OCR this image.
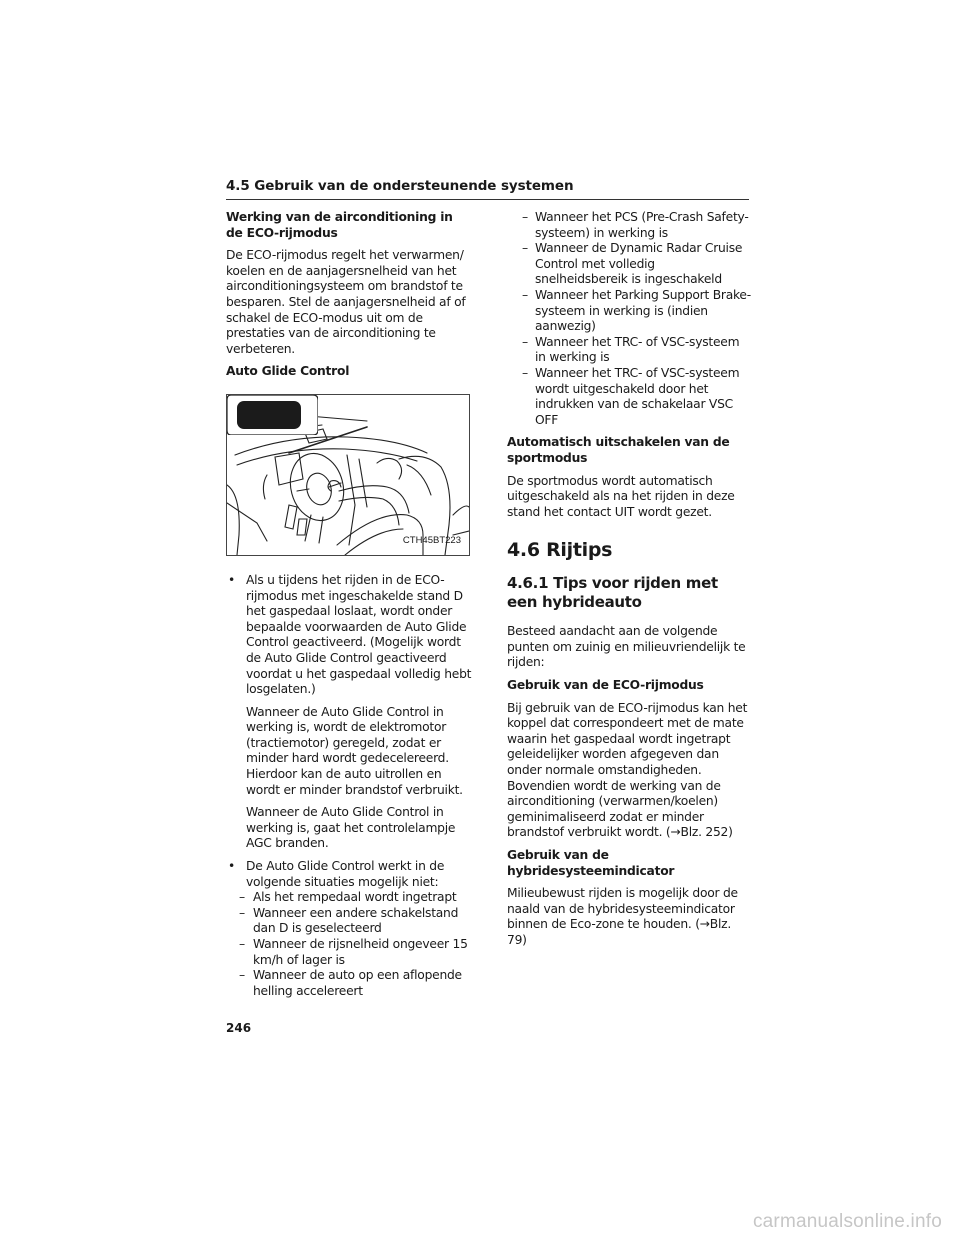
4.5 Gebruik van de ondersteunende systemen

Werking van de airconditioning in de ECO-rijmodus

De ECO-rijmodus regelt het verwarmen/ koelen en de aanjagersnelheid van het airconditioningsysteem om brandstof te besparen. Stel de aanjagersnelheid af of schakel de ECO-modus uit om de prestaties van de airconditioning te verbeteren.

Auto Glide Control

AGC
CTH45BT223
• Als u tijdens het rijden in de ECO-rijmodus met ingeschakelde stand D het gaspedaal loslaat, wordt onder bepaalde voorwaarden de Auto Glide Control geactiveerd. (Mogelijk wordt de Auto Glide Control geactiveerd voordat u het gaspedaal volledig hebt losgelaten.)

Wanneer de Auto Glide Control in werking is, wordt de elektromotor (tractiemotor) geregeld, zodat er minder hard wordt gedecelereerd. Hierdoor kan de auto uitrollen en wordt er minder brandstof verbruikt.

Wanneer de Auto Glide Control in werking is, gaat het controlelampje AGC branden.

• De Auto Glide Control werkt in de volgende situaties mogelijk niet:
– Als het rempedaal wordt ingetrapt
– Wanneer een andere schakelstand dan D is geselecteerd
– Wanneer de rijsnelheid ongeveer 15 km/h of lager is
– Wanneer de auto op een aflopende helling accelereert
– Wanneer het PCS (Pre-Crash Safety-systeem) in werking is
– Wanneer de Dynamic Radar Cruise Control met volledig snelheidsbereik is ingeschakeld
– Wanneer het Parking Support Brake-systeem in werking is (indien aanwezig)
– Wanneer het TRC- of VSC-systeem in werking is
– Wanneer het TRC- of VSC-systeem wordt uitgeschakeld door het indrukken van de schakelaar VSC OFF

Automatisch uitschakelen van de sportmodus

De sportmodus wordt automatisch uitgeschakeld als na het rijden in deze stand het contact UIT wordt gezet.

4.6 Rijtips
4.6.1 Tips voor rijden met een hybrideauto

Besteed aandacht aan de volgende punten om zuinig en milieuvriendelijk te rijden:

Gebruik van de ECO-rijmodus

Bij gebruik van de ECO-rijmodus kan het koppel dat correspondeert met de mate waarin het gaspedaal wordt ingetrapt geleidelijker worden afgegeven dan onder normale omstandigheden. Bovendien wordt de werking van de airconditioning (verwarmen/koelen) geminimaliseerd zodat er minder brandstof verbruikt wordt. (→Blz. 252)

Gebruik van de hybridesysteemindicator

Milieubewust rijden is mogelijk door de naald van de hybridesysteemindicator binnen de Eco-zone te houden. (→Blz. 79)

246
carmanualsonline.info
